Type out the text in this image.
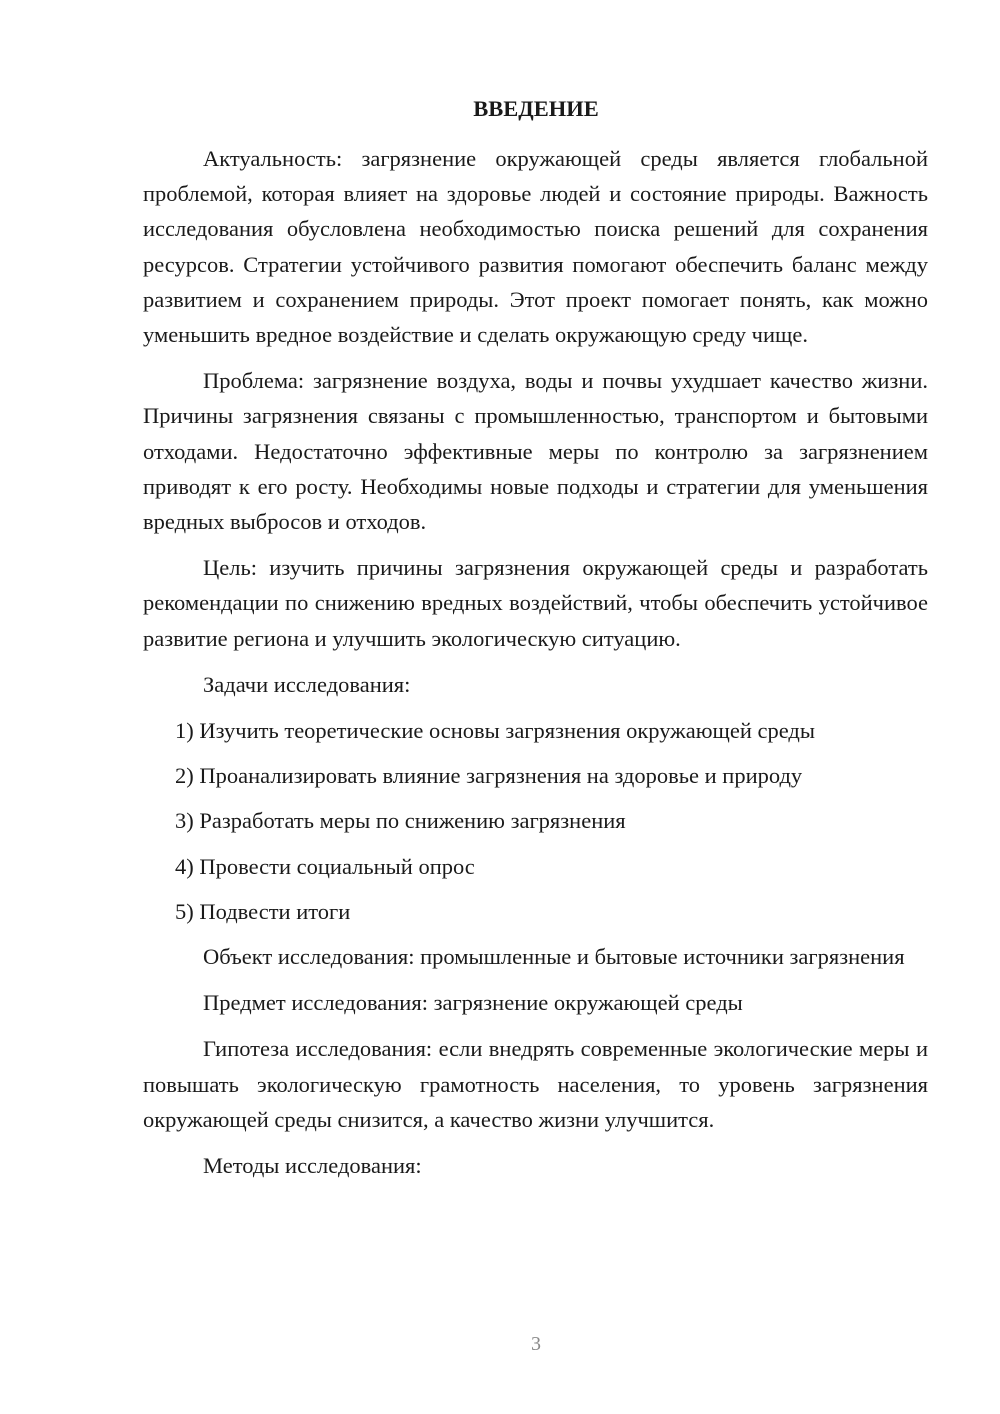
ВВЕДЕНИЕ

Актуальность: загрязнение окружающей среды является глобальной проблемой, которая влияет на здоровье людей и состояние природы. Важность исследования обусловлена необходимостью поиска решений для сохранения ресурсов. Стратегии устойчивого развития помогают обеспечить баланс между развитием и сохранением природы. Этот проект помогает понять, как можно уменьшить вредное воздействие и сделать окружающую среду чище.

Проблема: загрязнение воздуха, воды и почвы ухудшает качество жизни. Причины загрязнения связаны с промышленностью, транспортом и бытовыми отходами. Недостаточно эффективные меры по контролю за загрязнением приводят к его росту. Необходимы новые подходы и стратегии для уменьшения вредных выбросов и отходов.

Цель: изучить причины загрязнения окружающей среды и разработать рекомендации по снижению вредных воздействий, чтобы обеспечить устойчивое развитие региона и улучшить экологическую ситуацию.

Задачи исследования:

1) Изучить теоретические основы загрязнения окружающей среды
2) Проанализировать влияние загрязнения на здоровье и природу
3) Разработать меры по снижению загрязнения
4) Провести социальный опрос
5) Подвести итоги

Объект исследования: промышленные и бытовые источники загрязнения

Предмет исследования: загрязнение окружающей среды

Гипотеза исследования: если внедрять современные экологические меры и повышать экологическую грамотность населения, то уровень загрязнения окружающей среды снизится, а качество жизни улучшится.

Методы исследования:

3
